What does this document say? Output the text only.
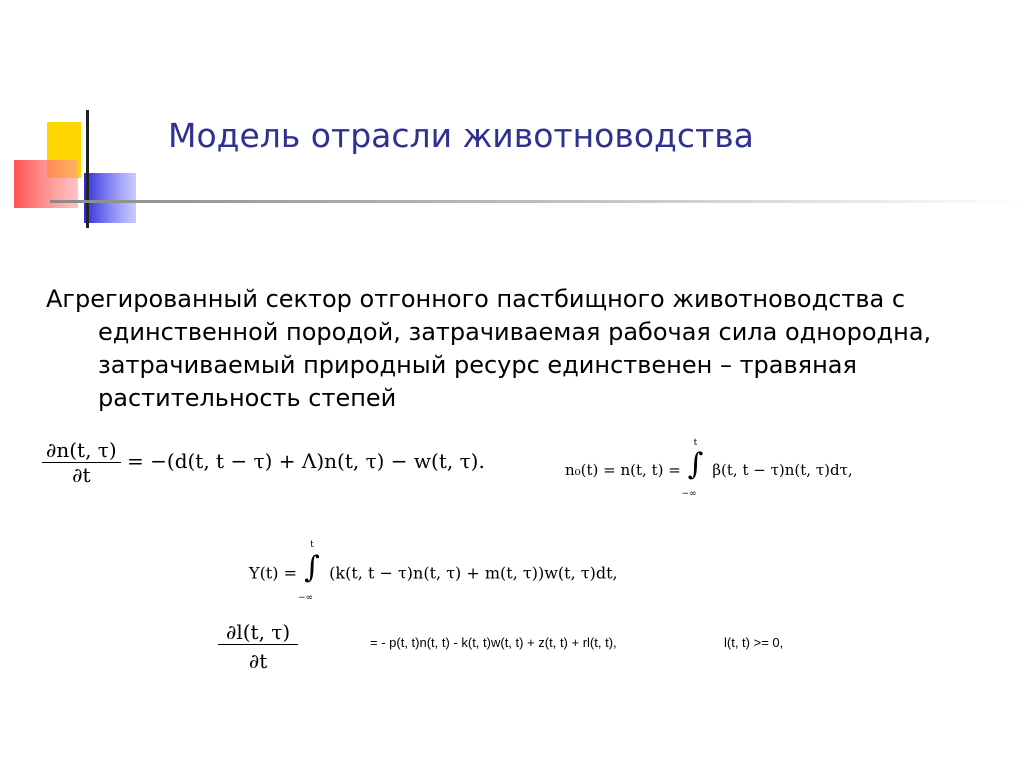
Модель отрасли животноводства
Агрегированный сектор отгонного пастбищного животноводства с
единственной породой, затрачиваемая рабочая сила однородна,
затрачиваемый природный ресурс единственен – травяная
растительность степей
$\frac{\partial n(t, \tau)}{\partial t} = -(d(t$, t − τ) + Λ)n(t, τ) − w(t, τ).	n₀(t) = n(t, t) =
t
∫
−∞
β(t, t − τ)n(t, τ)dτ,
Y(t) =
t
∫
−∞
(k(t, t − τ)n(t, τ) + m(t, τ))w(t, τ)dt,
$\frac{\partial l(t, \tau)}{\partial t}$	= - p(t, t)n(t, t) - k(t, t)w(t, t) + z(t, t) + rl(t, t),	l(t, t) >= 0,
